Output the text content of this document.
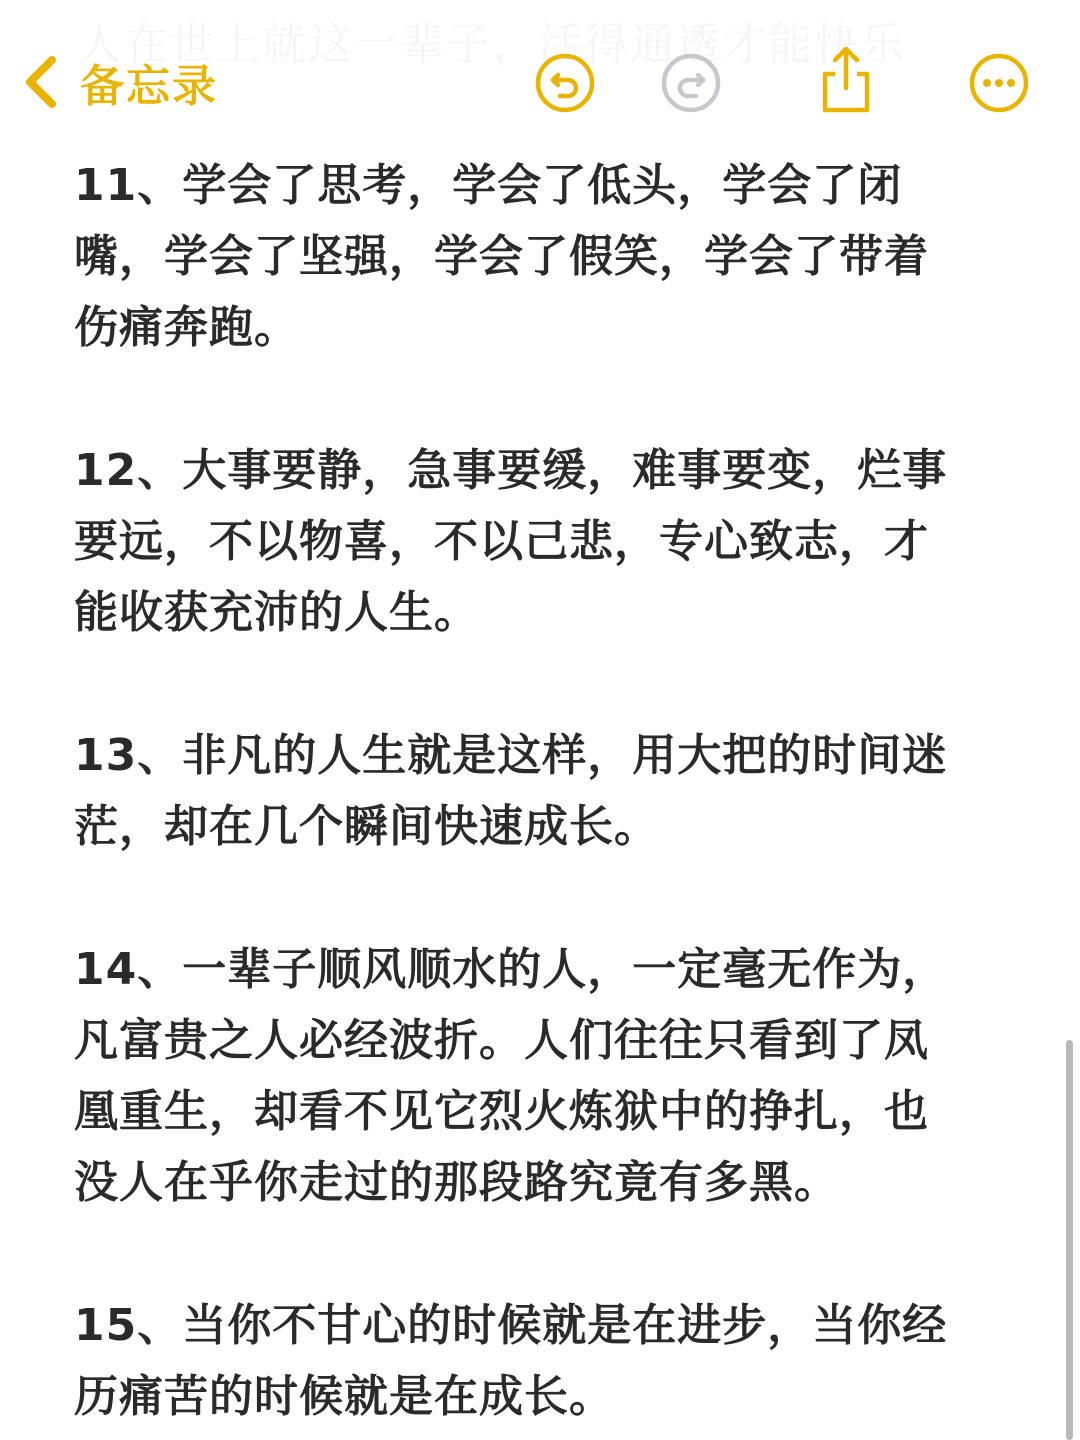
备忘录

11、学会了思考，学会了低头，学会了闭
嘴，学会了坚强，学会了假笑，学会了带着
伤痛奔跑。

12、大事要静，急事要缓，难事要变，烂事
要远，不以物喜，不以己悲，专心致志，才
能收获充沛的人生。

13、非凡的人生就是这样，用大把的时间迷
茫，却在几个瞬间快速成长。

14、一辈子顺风顺水的人，一定毫无作为，
凡富贵之人必经波折。人们往往只看到了凤
凰重生，却看不见它烈火炼狱中的挣扎，也
没人在乎你走过的那段路究竟有多黑。

15、当你不甘心的时候就是在进步，当你经
历痛苦的时候就是在成长。
